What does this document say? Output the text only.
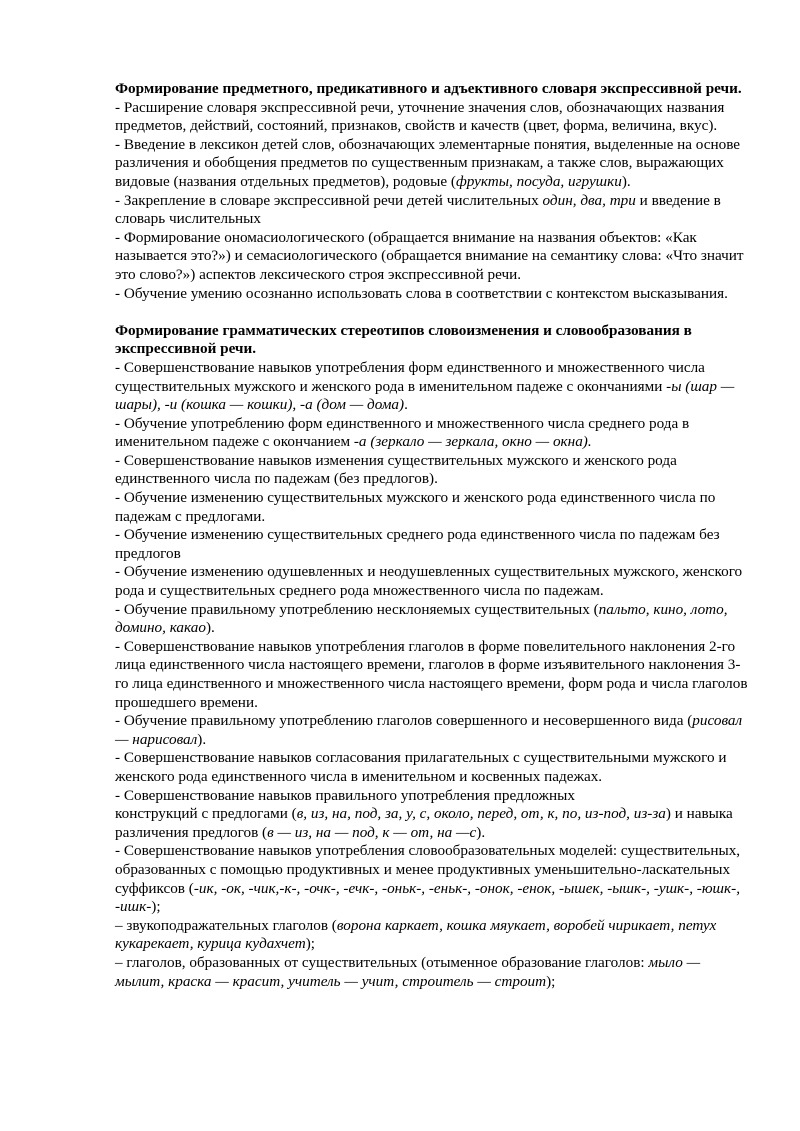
Формирование предметного, предикативного и адъективного словаря экспрессивной речи.

- Расширение словаря экспрессивной речи, уточнение значения слов, обозначающих названия предметов, действий, состояний, признаков, свойств и качеств (цвет, форма, величина, вкус).

- Введение в лексикон детей слов, обозначающих элементарные понятия, выделенные на основе различения и обобщения предметов по существенным признакам, а также слов, выражающих видовые (названия отдельных предметов), родовые (фрукты, посуда, игрушки).

- Закрепление в словаре экспрессивной речи детей числительных один, два, три и введение в словарь числительных

- Формирование ономасиологического (обращается внимание на названия объектов: «Как называется это?») и семасиологического (обращается внимание на семантику слова: «Что значит это слово?») аспектов лексического строя экспрессивной речи.

- Обучение умению осознанно использовать слова в соответствии с контекстом высказывания.

Формирование грамматических стереотипов словоизменения и словообразования в экспрессивной речи.

- Совершенствование навыков употребления форм единственного и множественного числа существительных мужского и женского рода в именительном падеже с окончаниями -ы (шар — шары), -и (кошка — кошки), -а (дом — дома).

- Обучение употреблению форм единственного и множественного числа среднего рода в именительном падеже с окончанием -а (зеркало — зеркала, окно — окна).

- Совершенствование навыков изменения существительных мужского и женского рода единственного числа по падежам (без предлогов).

- Обучение изменению существительных мужского и женского рода единственного числа по падежам с предлогами.

- Обучение изменению существительных среднего рода единственного числа по падежам без предлогов

- Обучение изменению одушевленных и неодушевленных существительных мужского, женского рода и существительных среднего рода множественного числа по падежам.

- Обучение правильному употреблению несклоняемых существительных (пальто, кино, лото, домино, какао).

- Совершенствование навыков употребления глаголов в форме повелительного наклонения 2-го лица единственного числа настоящего времени, глаголов в форме изъявительного наклонения 3-го лица единственного и множественного числа настоящего времени, форм рода и числа глаголов прошедшего времени.

- Обучение правильному употреблению глаголов совершенного и несовершенного вида (рисовал — нарисовал).

- Совершенствование навыков согласования прилагательных с существительными мужского и женского рода единственного числа в именительном и косвенных падежах.

- Совершенствование навыков правильного употребления предложных
конструкций с предлогами (в, из, на, под, за, у, с, около, перед, от, к, по, из-под, из-за) и навыка различения предлогов (в — из, на — под, к — от, на —с).

- Совершенствование навыков употребления словообразовательных моделей: существительных, образованных с помощью продуктивных и менее продуктивных уменьшительно-ласкательных суффиксов (-ик, -ок, -чик,-к-, -очк-, -ечк-, -оньк-, -еньк-, -онок, -енок, -ышек, -ышк-, -ушк-, -юшк-, -ишк-);

– звукоподражательных глаголов (ворона каркает, кошка мяукает, воробей чирикает, петух кукарекает, курица кудахчет);

– глаголов, образованных от существительных (отыменное образование глаголов: мыло — мылит, краска — красит, учитель — учит, строитель — строит);
